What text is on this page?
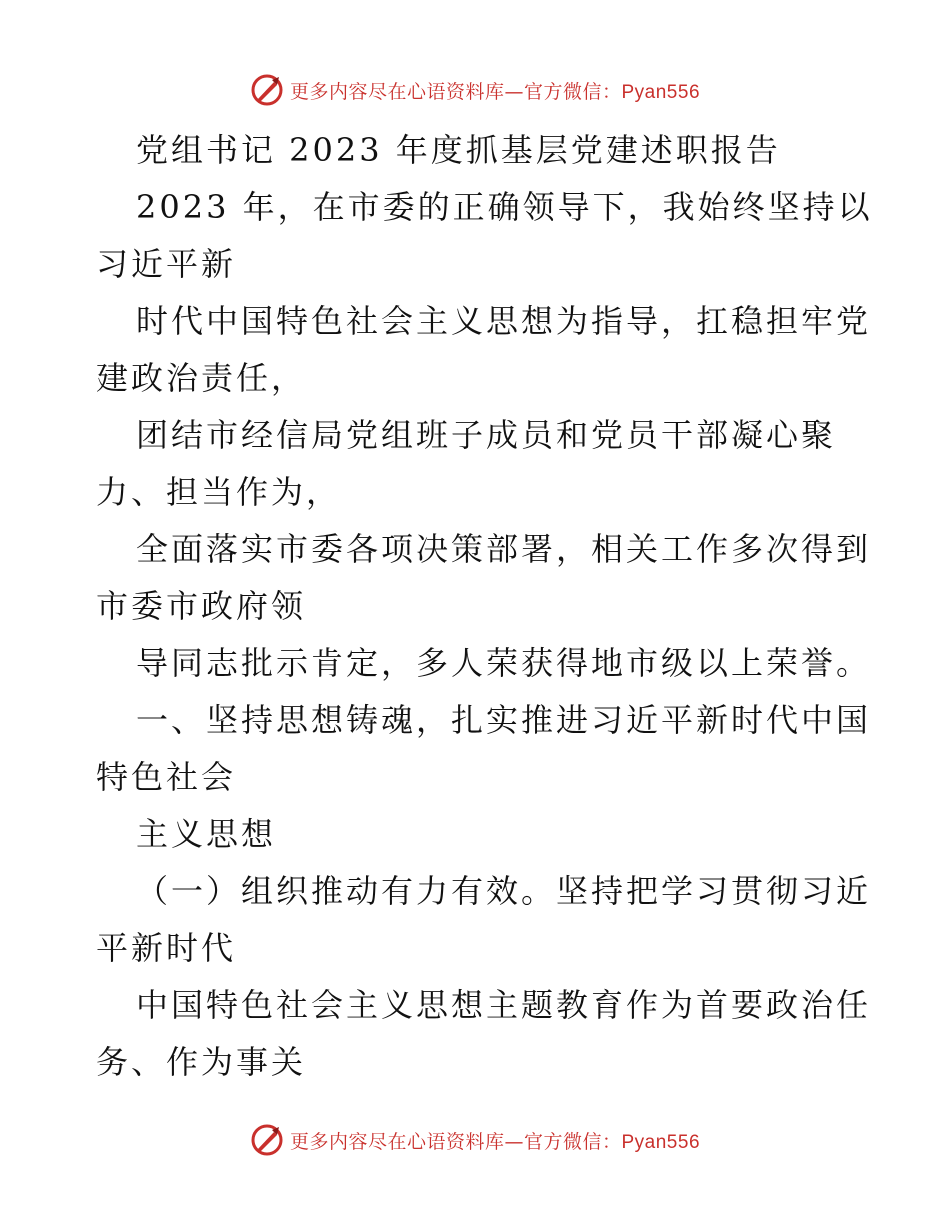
更多内容尽在心语资料库—官方微信：Pyan556
党组书记 2023 年度抓基层党建述职报告
2023 年，在市委的正确领导下，我始终坚持以
习近平新
时代中国特色社会主义思想为指导，扛稳担牢党
建政治责任，
团结市经信局党组班子成员和党员干部凝心聚
力、担当作为，
全面落实市委各项决策部署，相关工作多次得到
市委市政府领
导同志批示肯定，多人荣获得地市级以上荣誉。
一、坚持思想铸魂，扎实推进习近平新时代中国
特色社会
主义思想
（一）组织推动有力有效。坚持把学习贯彻习近
平新时代
中国特色社会主义思想主题教育作为首要政治任
务、作为事关
更多内容尽在心语资料库—官方微信：Pyan556
